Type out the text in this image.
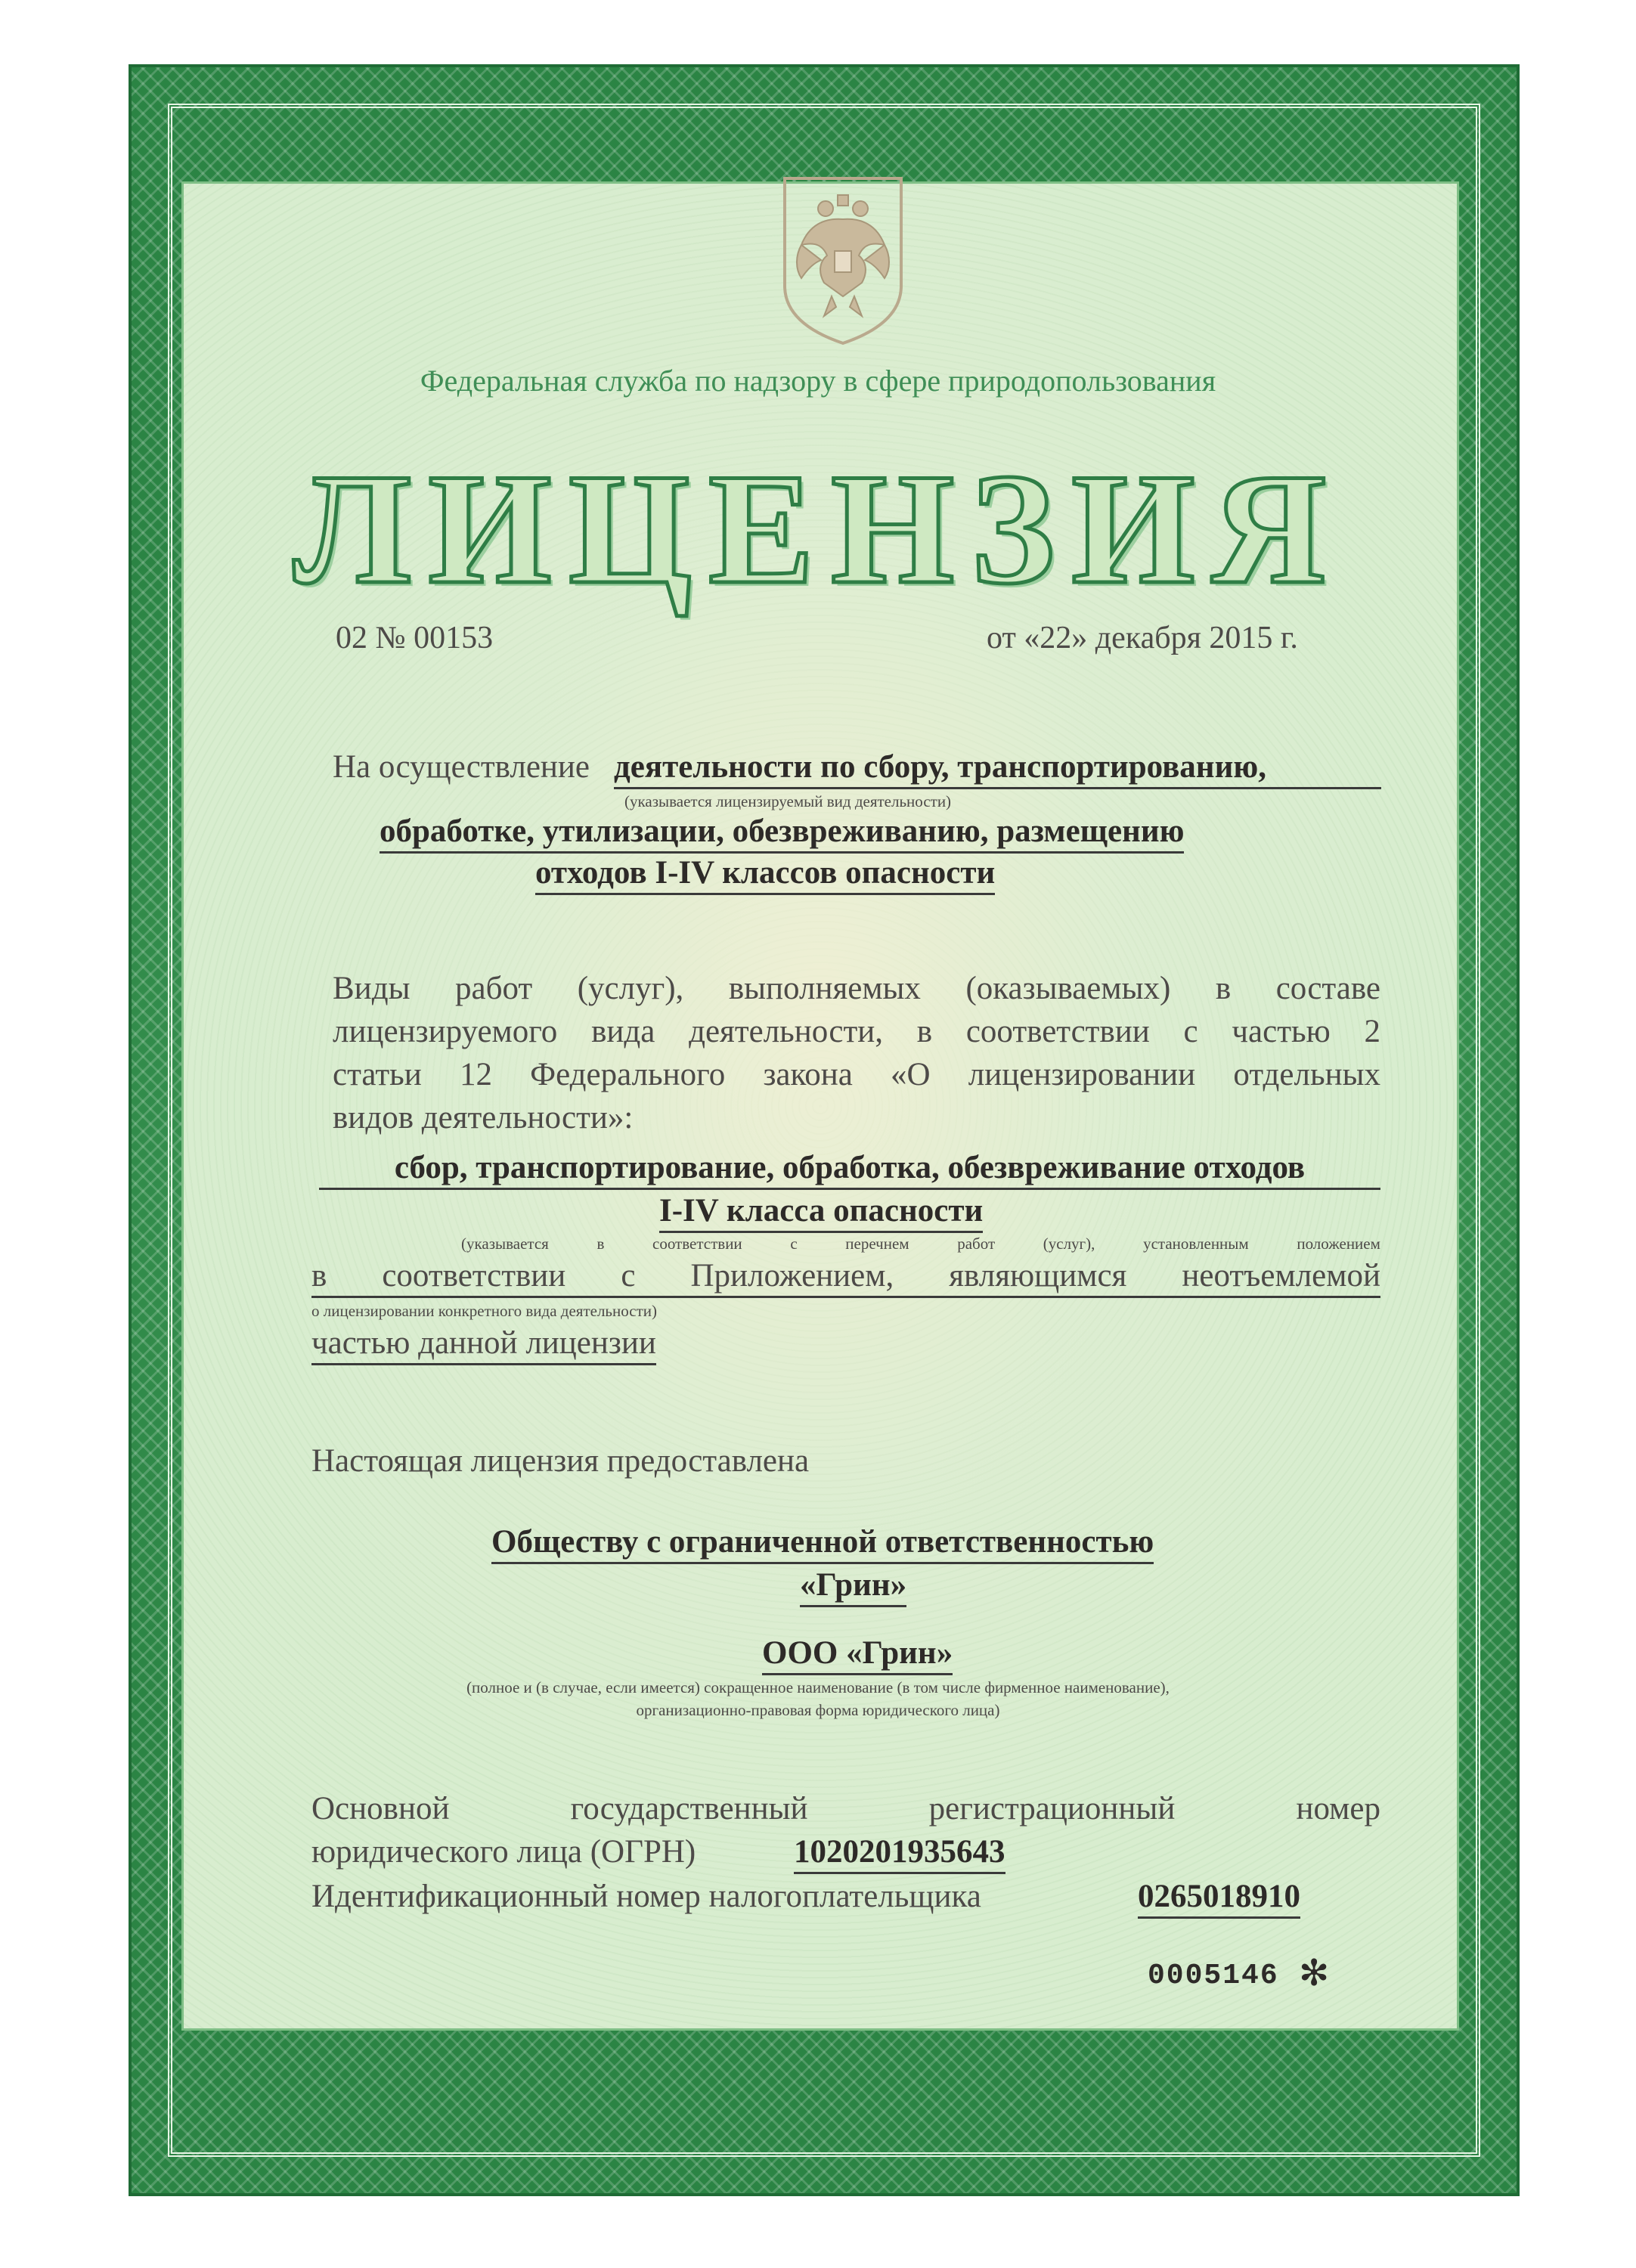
Федеральная служба по надзору в сфере природопользования
ЛИЦЕНЗИЯ
02 № 00153	от «22» декабря 2015 г.
На осуществление деятельности по сбору, транспортированию,
(указывается лицензируемый вид деятельности)
обработке, утилизации, обезвреживанию, размещению
отходов I-IV классов опасности
Виды работ (услуг), выполняемых (оказываемых) в составе
лицензируемого вида деятельности, в соответствии с частью 2
статьи 12 Федерального закона «О лицензировании отдельных
видов деятельности»:
сбор, транспортирование, обработка, обезвреживание отходов
I-IV класса опасности
(указывается	в	соответствии	с	перечнем	работ	(услуг),	установленным	положением
в соответствии с Приложением, являющимся неотъемлемой
о лицензировании конкретного вида деятельности)
частью данной лицензии
Настоящая лицензия предоставлена
Обществу с ограниченной ответственностью
«Грин»
ООО «Грин»
(полное и (в случае, если имеется) сокращенное наименование (в том числе фирменное наименование),
организационно-правовая форма юридического лица)
Основной	государственный	регистрационный	номер
юридического лица (ОГРН)	1020201935643
Идентификационный номер налогоплательщика	0265018910
0005146 ✻
